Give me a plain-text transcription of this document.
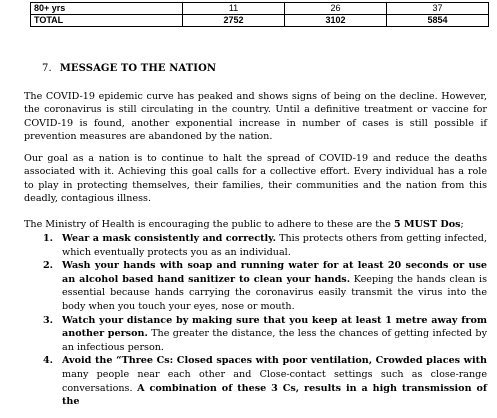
80+ yrs	11	26	37
TOTAL	2752	3102	5854
7. MESSAGE TO THE NATION

The COVID-19 epidemic curve has peaked and shows signs of being on the decline. However, the coronavirus is still circulating in the country. Until a definitive treatment or vaccine for COVID-19 is found, another exponential increase in number of cases is still possible if prevention measures are abandoned by the nation.

Our goal as a nation is to continue to halt the spread of COVID-19 and reduce the deaths associated with it. Achieving this goal calls for a collective effort. Every individual has a role to play in protecting themselves, their families, their communities and the nation from this deadly, contagious illness.

The Ministry of Health is encouraging the public to adhere to these are the 5 MUST Dos;

1. Wear a mask consistently and correctly. This protects others from getting infected, which eventually protects you as an individual.

2. Wash your hands with soap and running water for at least 20 seconds or use an alcohol based hand sanitizer to clean your hands. Keeping the hands clean is essential because hands carrying the coronavirus easily transmit the virus into the body when you touch your eyes, nose or mouth.

3. Watch your distance by making sure that you keep at least 1 metre away from another person. The greater the distance, the less the chances of getting infected by an infectious person.

4. Avoid the “Three Cs: Closed spaces with poor ventilation, Crowded places with many people near each other and Close-contact settings such as close-range conversations. A combination of these 3 Cs, results in a high transmission of the
